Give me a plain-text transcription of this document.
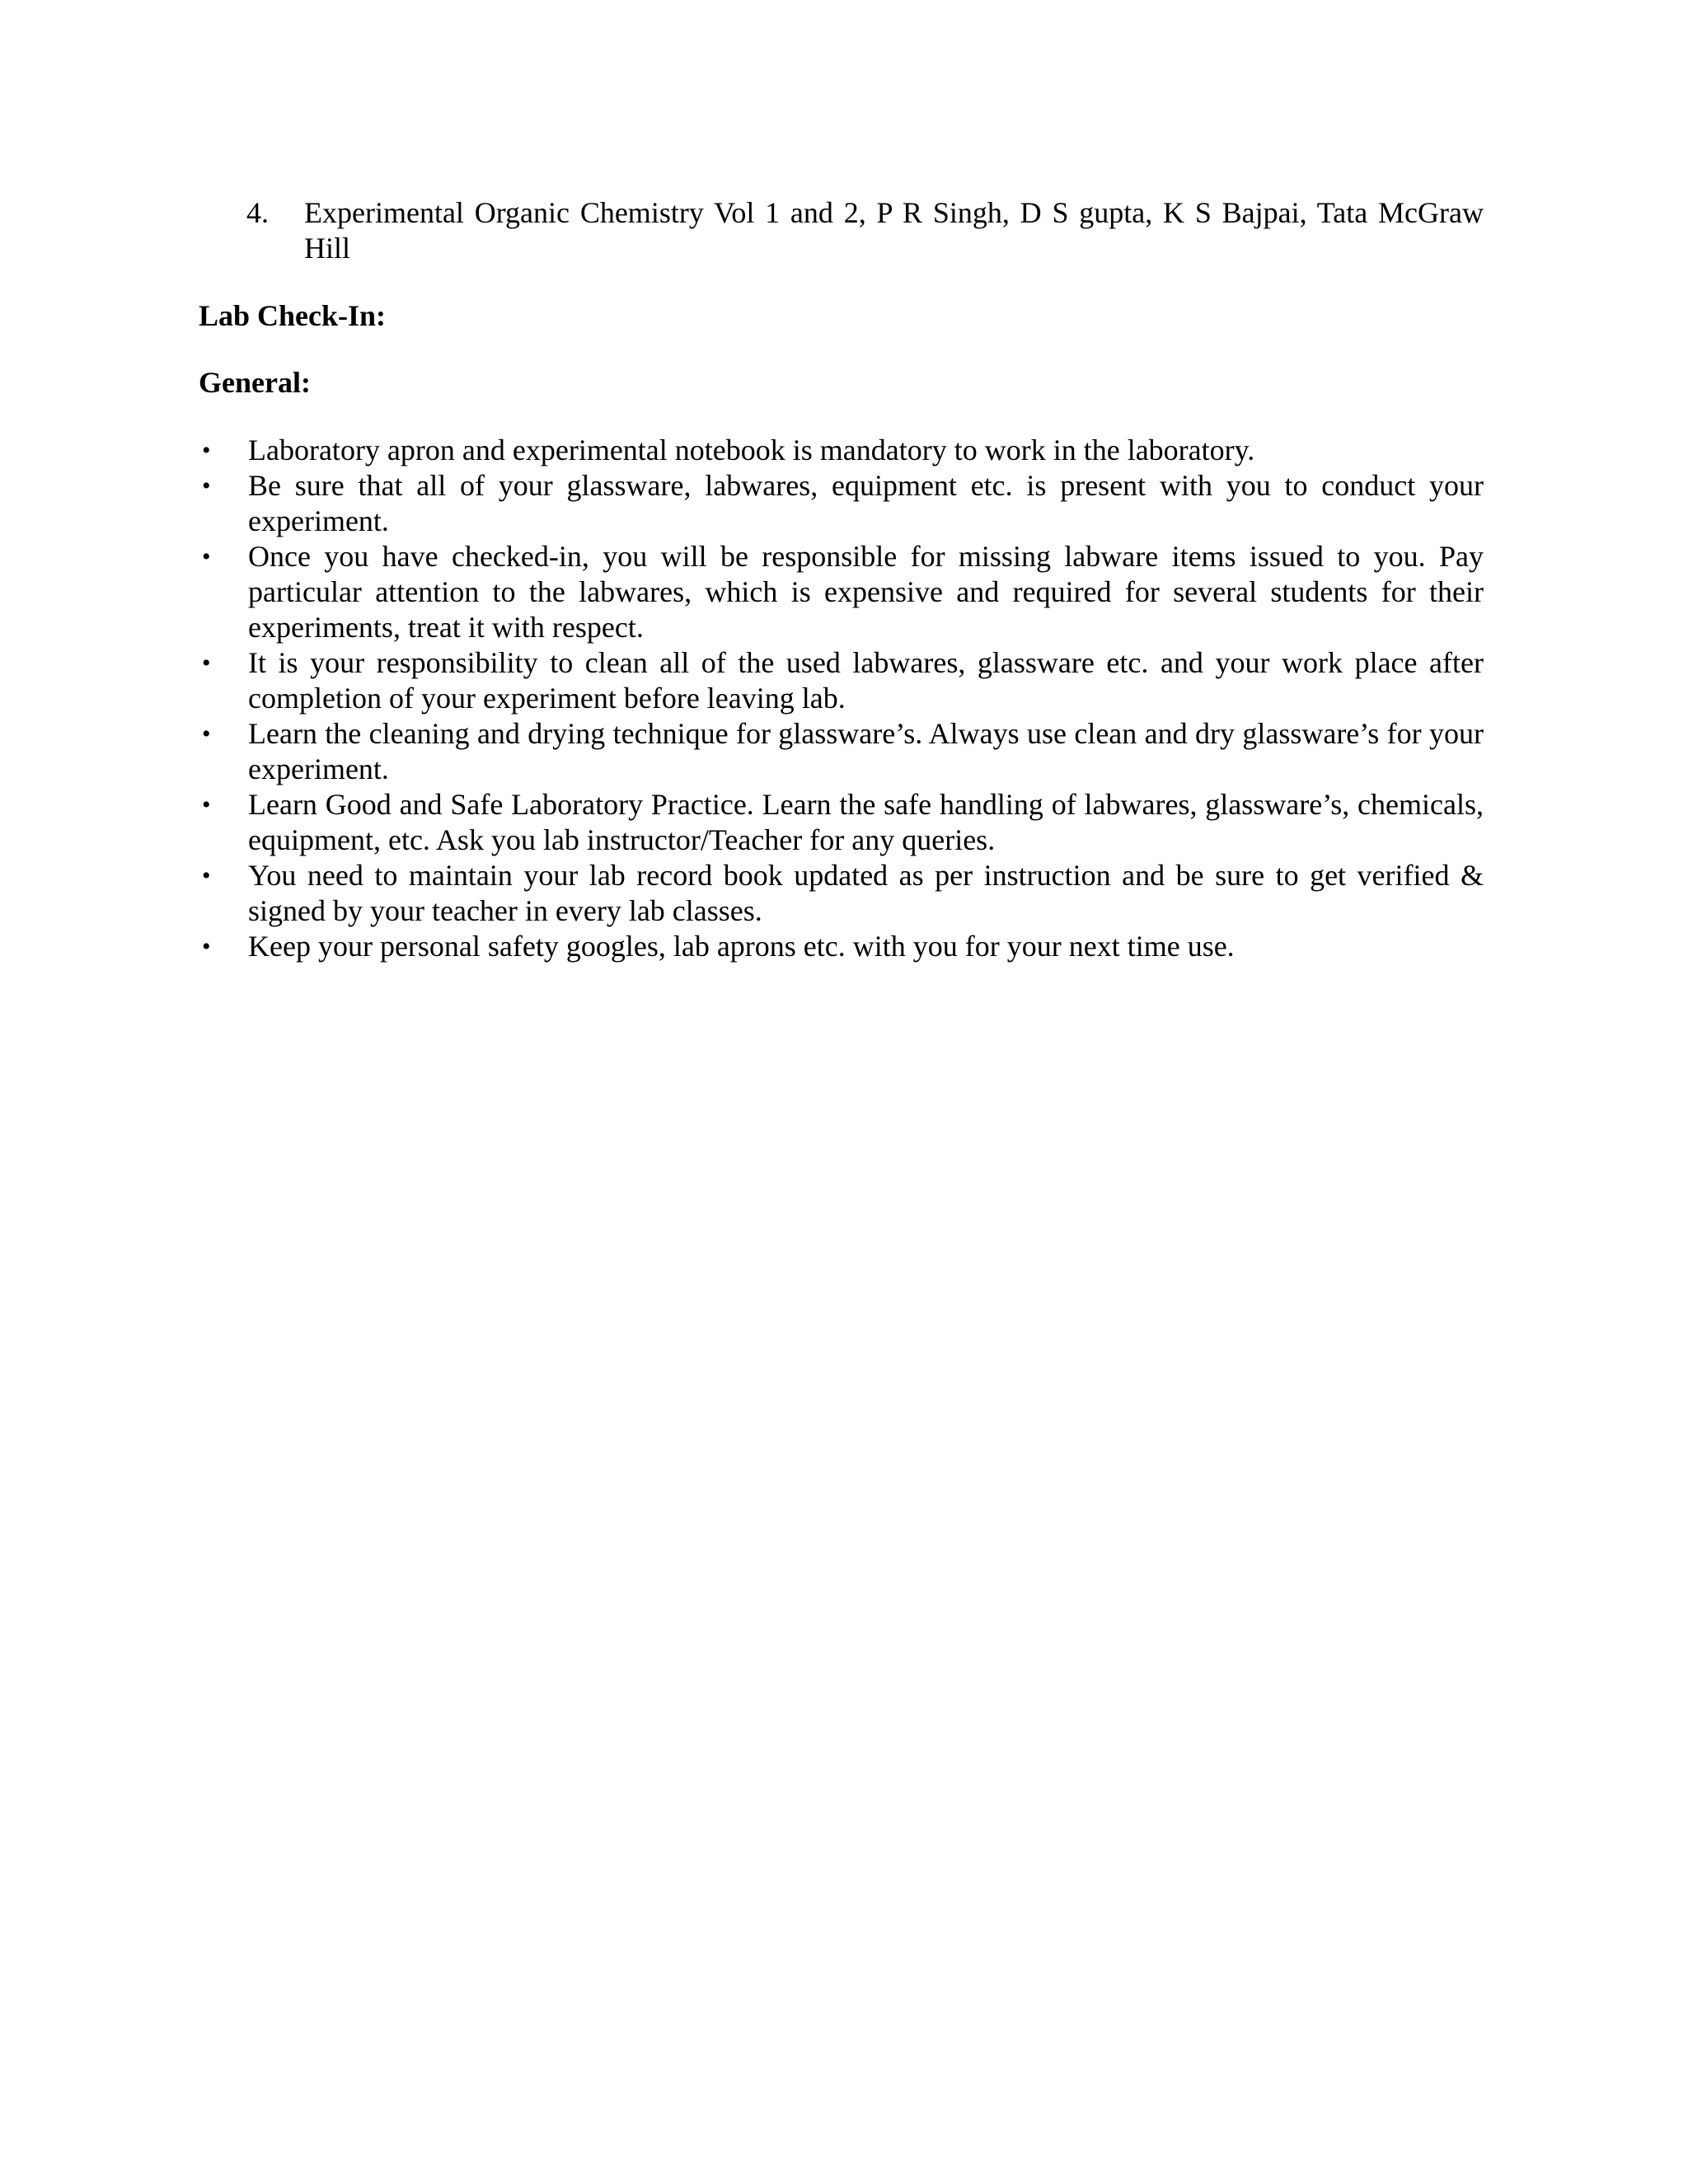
4. Experimental Organic Chemistry Vol 1 and 2, P R Singh, D S gupta, K S Bajpai, Tata McGraw Hill

Lab Check-In:

General:

• Laboratory apron and experimental notebook is mandatory to work in the laboratory.
• Be sure that all of your glassware, labwares, equipment etc. is present with you to conduct your experiment.
• Once you have checked-in, you will be responsible for missing labware items issued to you. Pay particular attention to the labwares, which is expensive and required for several students for their experiments, treat it with respect.
• It is your responsibility to clean all of the used labwares, glassware etc. and your work place after completion of your experiment before leaving lab.
• Learn the cleaning and drying technique for glassware’s. Always use clean and dry glassware’s for your experiment.
• Learn Good and Safe Laboratory Practice. Learn the safe handling of labwares, glassware’s, chemicals, equipment, etc. Ask you lab instructor/Teacher for any queries.
• You need to maintain your lab record book updated as per instruction and be sure to get verified & signed by your teacher in every lab classes.
• Keep your personal safety googles, lab aprons etc. with you for your next time use.
